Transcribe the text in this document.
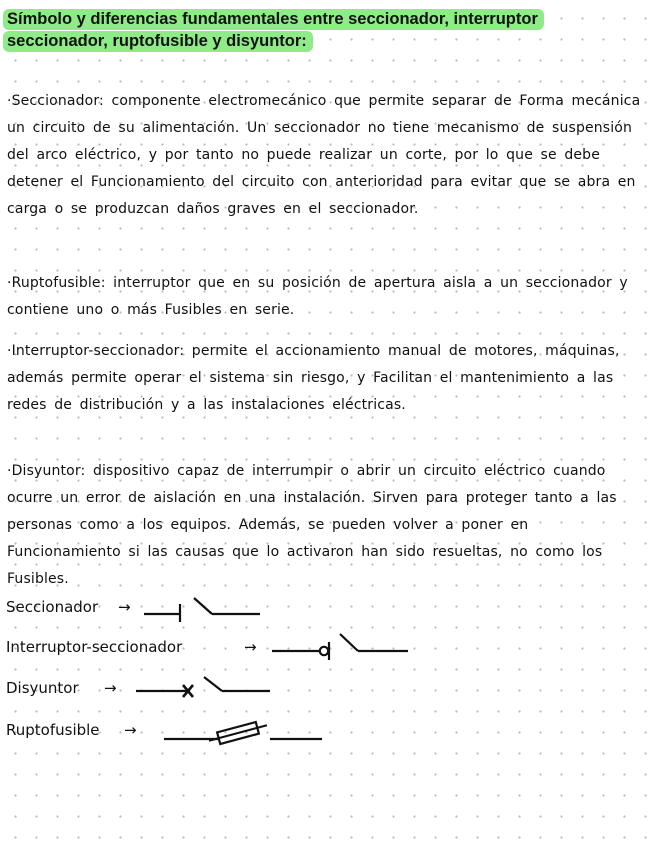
Símbolo y diferencias fundamentales entre seccionador, interruptor seccionador, ruptofusible y disyuntor:

·Seccionador: componente electromecánico que permite separar de Forma mecánica un circuito de su alimentación. Un seccionador no tiene mecanismo de suspensión del arco eléctrico, y por tanto no puede realizar un corte, por lo que se debe detener el Funcionamiento del circuito con anterioridad para evitar que se abra en carga o se produzcan daños graves en el seccionador.

·Ruptofusible: interruptor que en su posición de apertura aisla a un seccionador y contiene uno o más Fusibles en serie.

·Interruptor-seccionador: permite el accionamiento manual de motores, máquinas, además permite operar el sistema sin riesgo, y Facilitan el mantenimiento a las redes de distribución y a las instalaciones eléctricas.

·Disyuntor: dispositivo capaz de interrumpir o abrir un circuito eléctrico cuando ocurre un error de aislación en una instalación. Sirven para proteger tanto a las personas como a los equipos. Además, se pueden volver a poner en Funcionamiento si las causas que lo activaron han sido resueltas, no como los Fusibles.

Seccionador →
Interruptor-seccionador	→
Disyuntor →
Ruptofusible →
